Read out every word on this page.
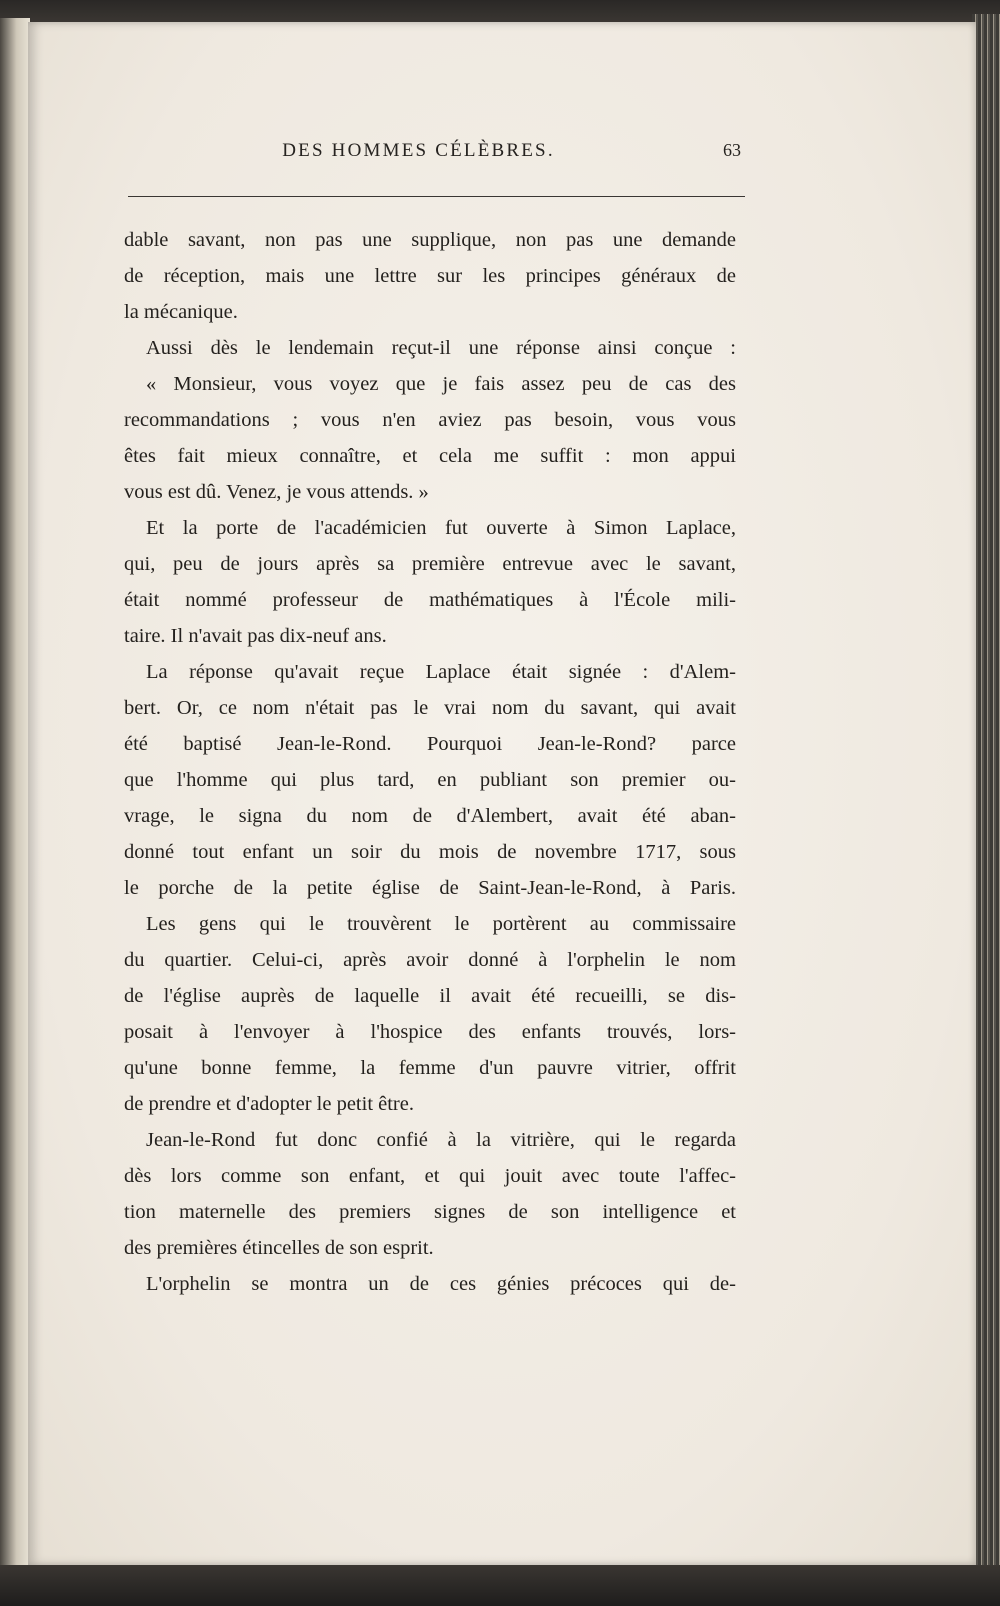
DES HOMMES CÉLÈBRES.	63
dable savant, non pas une supplique, non pas une demande
de réception, mais une lettre sur les principes généraux de
la mécanique.
Aussi dès le lendemain reçut-il une réponse ainsi conçue :
« Monsieur, vous voyez que je fais assez peu de cas des
recommandations ; vous n'en aviez pas besoin, vous vous
êtes fait mieux connaître, et cela me suffit : mon appui
vous est dû. Venez, je vous attends. »
Et la porte de l'académicien fut ouverte à Simon Laplace,
qui, peu de jours après sa première entrevue avec le savant,
était nommé professeur de mathématiques à l'École mili-
taire. Il n'avait pas dix-neuf ans.
La réponse qu'avait reçue Laplace était signée : d'Alem-
bert. Or, ce nom n'était pas le vrai nom du savant, qui avait
été baptisé Jean-le-Rond. Pourquoi Jean-le-Rond? parce
que l'homme qui plus tard, en publiant son premier ou-
vrage, le signa du nom de d'Alembert, avait été aban-
donné tout enfant un soir du mois de novembre 1717, sous
le porche de la petite église de Saint-Jean-le-Rond, à Paris.
Les gens qui le trouvèrent le portèrent au commissaire
du quartier. Celui-ci, après avoir donné à l'orphelin le nom
de l'église auprès de laquelle il avait été recueilli, se dis-
posait à l'envoyer à l'hospice des enfants trouvés, lors-
qu'une bonne femme, la femme d'un pauvre vitrier, offrit
de prendre et d'adopter le petit être.
Jean-le-Rond fut donc confié à la vitrière, qui le regarda
dès lors comme son enfant, et qui jouit avec toute l'affec-
tion maternelle des premiers signes de son intelligence et
des premières étincelles de son esprit.
L'orphelin se montra un de ces génies précoces qui de-
